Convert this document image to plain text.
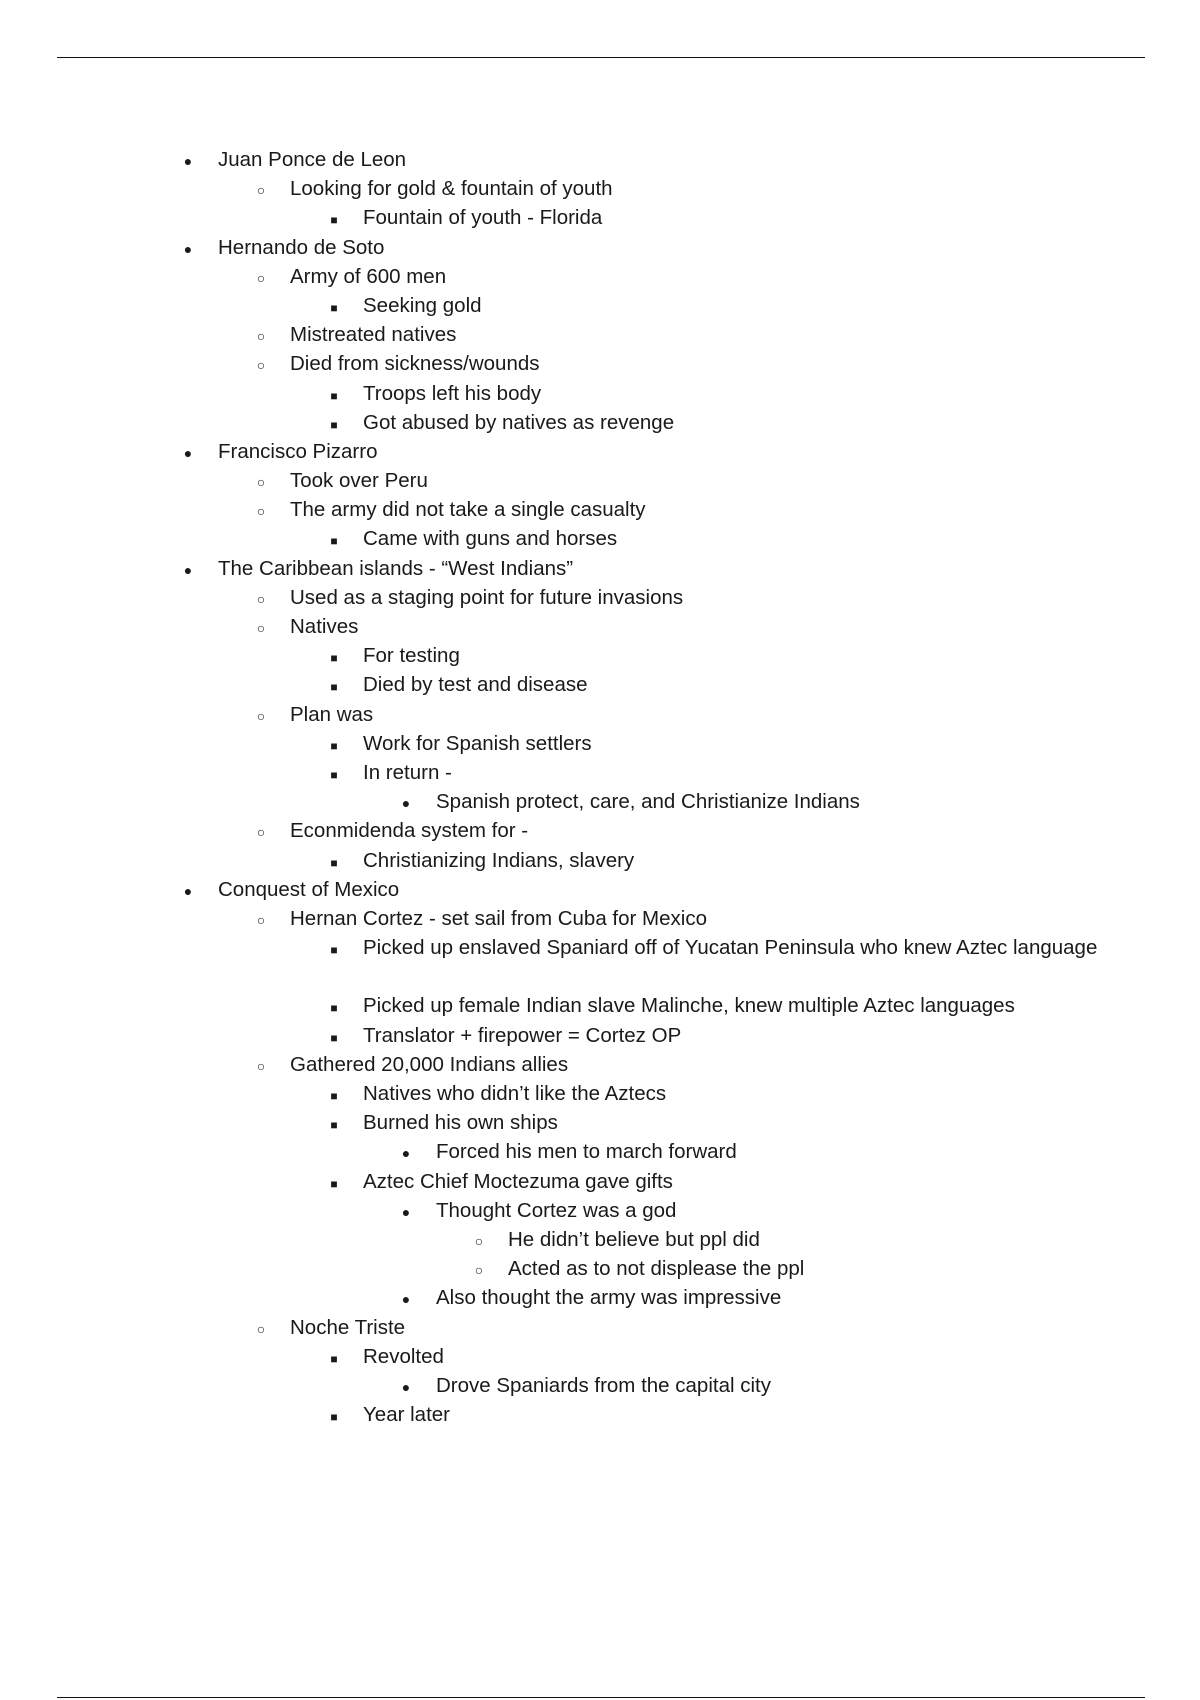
●
Juan Ponce de Leon
○
Looking for gold & fountain of youth
■
Fountain of youth - Florida
●
Hernando de Soto
○
Army of 600 men
■
Seeking gold
○
Mistreated natives
○
Died from sickness/wounds
■
Troops left his body
■
Got abused by natives as revenge
●
Francisco Pizarro
○
Took over Peru
○
The army did not take a single casualty
■
Came with guns and horses
●
The Caribbean islands - “West Indians”
○
Used as a staging point for future invasions
○
Natives
■
For testing
■
Died by test and disease
○
Plan was
■
Work for Spanish settlers
■
In return -
●
Spanish protect, care, and Christianize Indians
○
Econmidenda system for -
■
Christianizing Indians, slavery
●
Conquest of Mexico
○
Hernan Cortez - set sail from Cuba for Mexico
■
Picked up enslaved Spaniard off of Yucatan Peninsula who knew Aztec language
■
Picked up female Indian slave Malinche, knew multiple Aztec languages
■
Translator + firepower = Cortez OP
○
Gathered 20,000 Indians allies
■
Natives who didn’t like the Aztecs
■
Burned his own ships
●
Forced his men to march forward
■
Aztec Chief Moctezuma gave gifts
●
Thought Cortez was a god
○
He didn’t believe but ppl did
○
Acted as to not displease the ppl
●
Also thought the army was impressive
○
Noche Triste
■
Revolted
●
Drove Spaniards from the capital city
■
Year later
